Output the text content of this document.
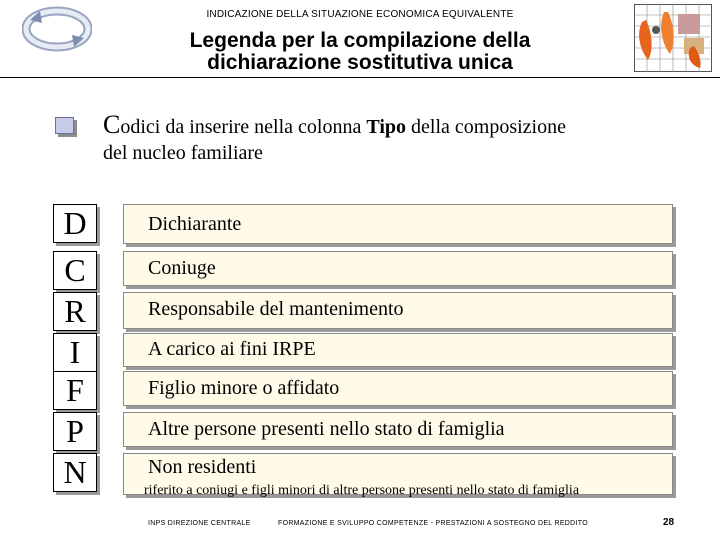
INDICAZIONE DELLA SITUAZIONE ECONOMICA EQUIVALENTE
Legenda per la compilazione della
dichiarazione sostitutiva unica
Codici da inserire nella colonna Tipo della composizione
del nucleo familiare
D
C
R
I
F
P
N
Dichiarante
Coniuge
Responsabile del mantenimento
A carico ai fini IRPE
Figlio minore o affidato
Altre persone presenti nello stato di famiglia
Non residenti
riferito a coniugi e figli minori di altre persone presenti nello stato di famiglia
INPS DIREZIONE CENTRALE	FORMAZIONE E SVILUPPO COMPETENZE - PRESTAZIONI A SOSTEGNO DEL REDDITO	28
